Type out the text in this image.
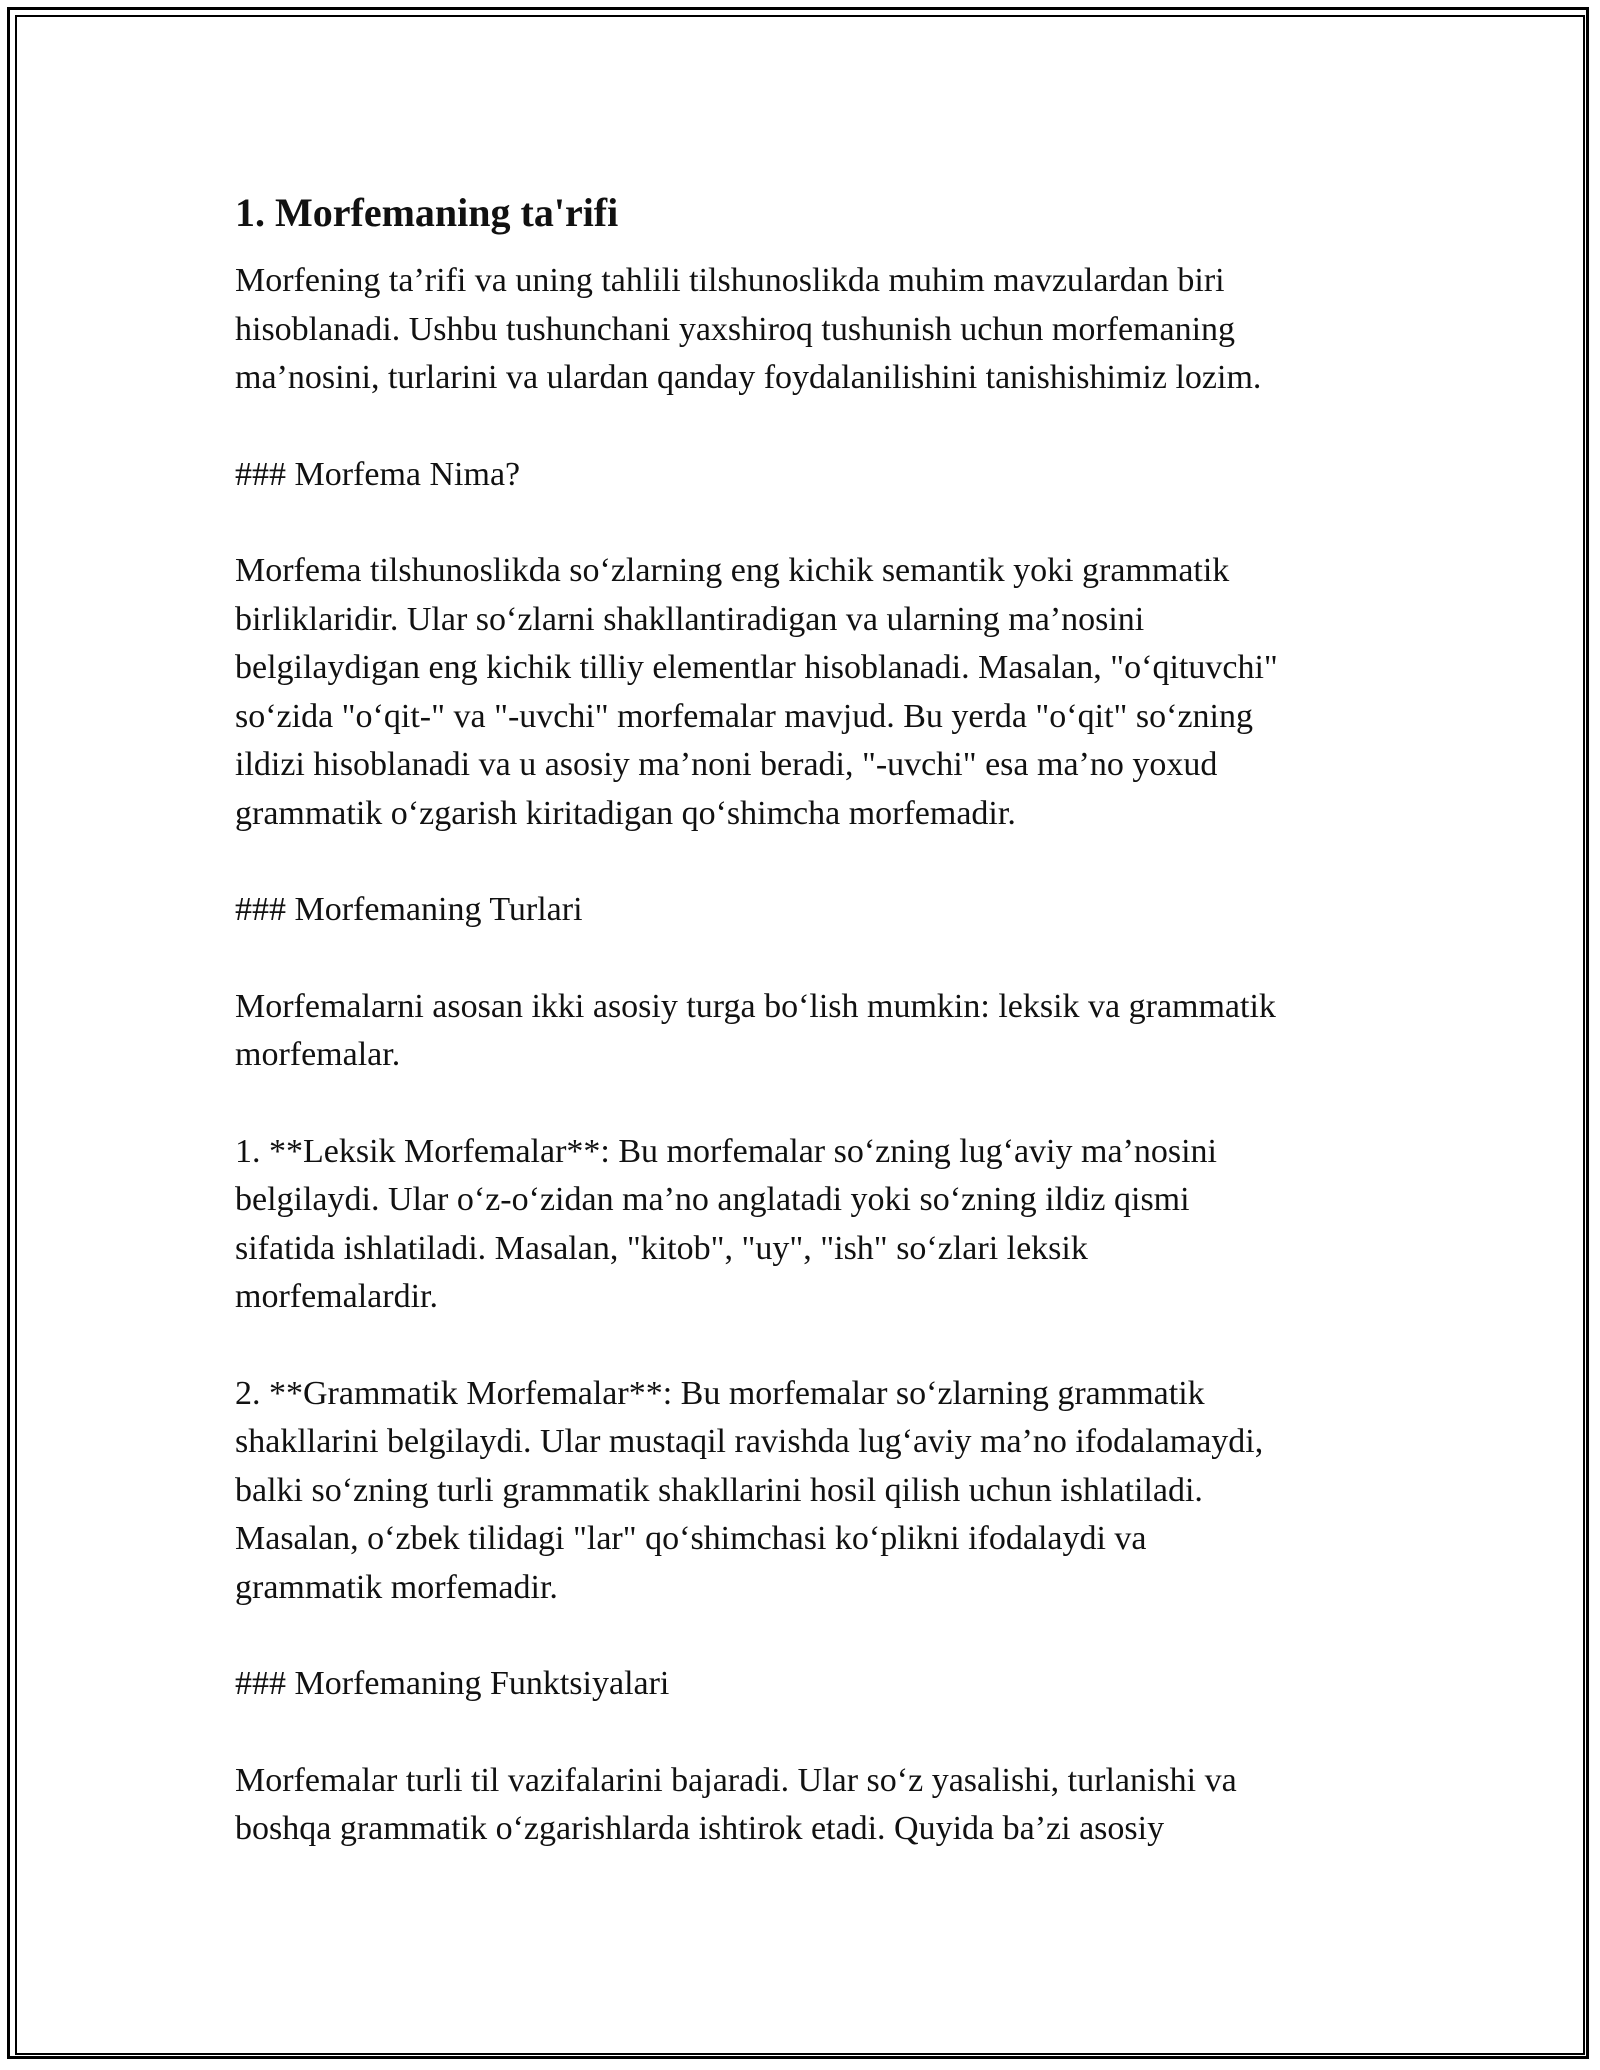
1. Morfemaning ta'rifi
Morfening ta’rifi va uning tahlili tilshunoslikda muhim mavzulardan biri
hisoblanadi. Ushbu tushunchani yaxshiroq tushunish uchun morfemaning
ma’nosini, turlarini va ulardan qanday foydalanilishini tanishishimiz lozim.
### Morfema Nima?
Morfema tilshunoslikda so‘zlarning eng kichik semantik yoki grammatik
birliklaridir. Ular so‘zlarni shakllantiradigan va ularning ma’nosini
belgilaydigan eng kichik tilliy elementlar hisoblanadi. Masalan, "o‘qituvchi"
so‘zida "o‘qit-" va "-uvchi" morfemalar mavjud. Bu yerda "o‘qit" so‘zning
ildizi hisoblanadi va u asosiy ma’noni beradi, "-uvchi" esa ma’no yoxud
grammatik o‘zgarish kiritadigan qo‘shimcha morfemadir.
### Morfemaning Turlari
Morfemalarni asosan ikki asosiy turga bo‘lish mumkin: leksik va grammatik
morfemalar.
1. **Leksik Morfemalar**: Bu morfemalar so‘zning lug‘aviy ma’nosini
belgilaydi. Ular o‘z-o‘zidan ma’no anglatadi yoki so‘zning ildiz qismi
sifatida ishlatiladi. Masalan, "kitob", "uy", "ish" so‘zlari leksik
morfemalardir.
2. **Grammatik Morfemalar**: Bu morfemalar so‘zlarning grammatik
shakllarini belgilaydi. Ular mustaqil ravishda lug‘aviy ma’no ifodalamaydi,
balki so‘zning turli grammatik shakllarini hosil qilish uchun ishlatiladi.
Masalan, o‘zbek tilidagi "lar" qo‘shimchasi ko‘plikni ifodalaydi va
grammatik morfemadir.
### Morfemaning Funktsiyalari
Morfemalar turli til vazifalarini bajaradi. Ular so‘z yasalishi, turlanishi va
boshqa grammatik o‘zgarishlarda ishtirok etadi. Quyida ba’zi asosiy
